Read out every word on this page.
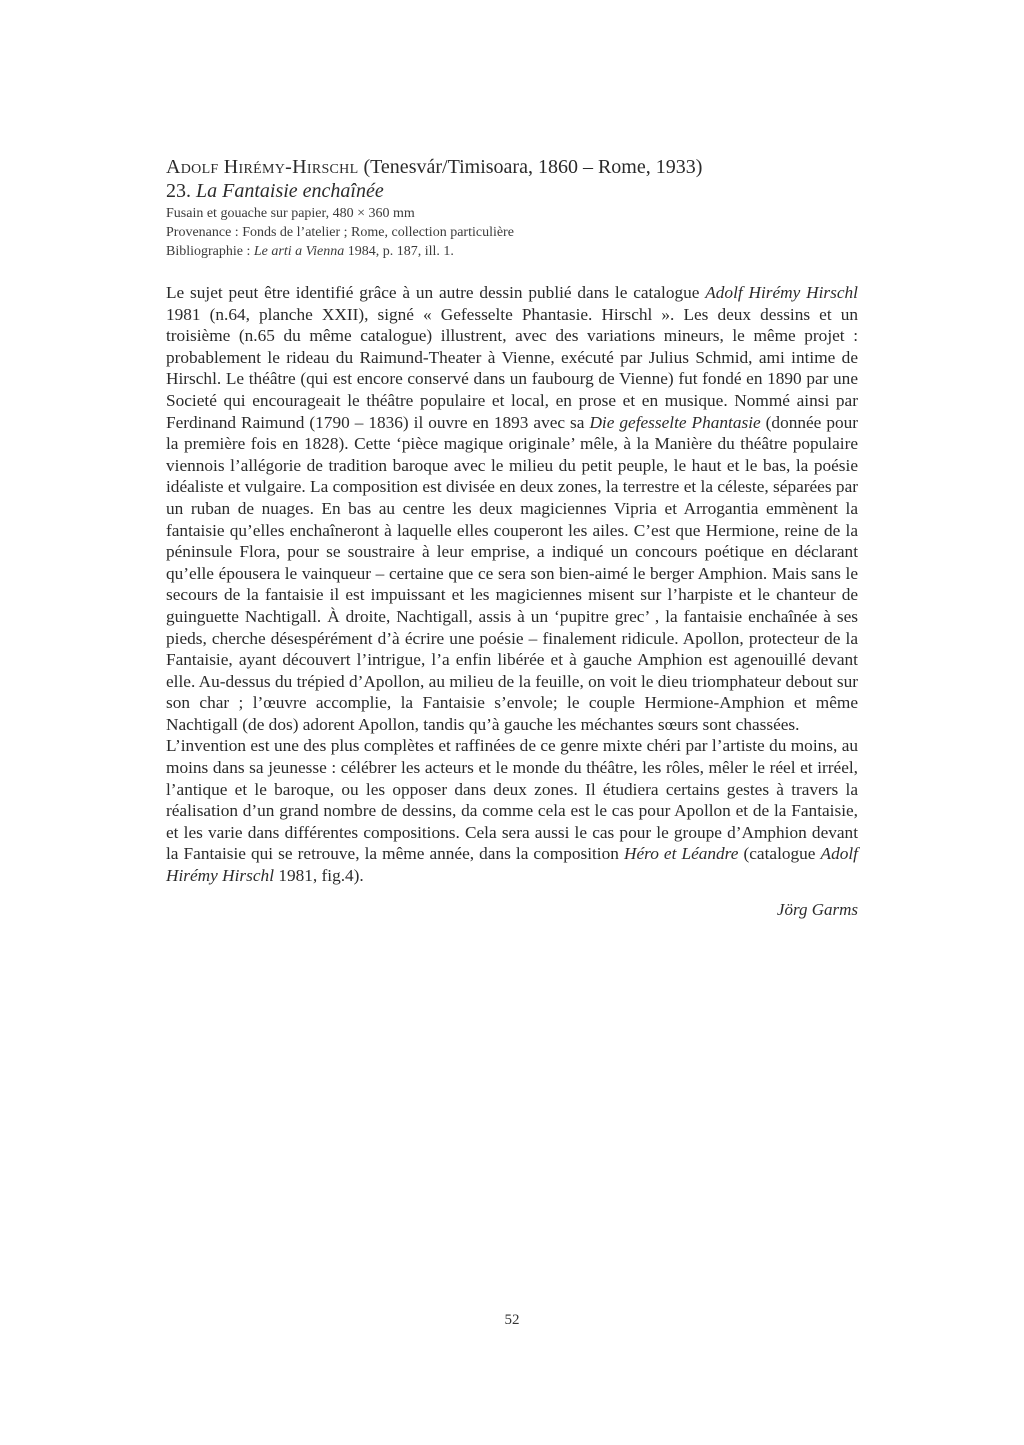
Adolf Hirémy-Hirschl (Tenesvár/Timisoara, 1860 – Rome, 1933)
23. La Fantaisie enchaînée
Fusain et gouache sur papier, 480 × 360 mm
Provenance : Fonds de l’atelier ; Rome, collection particulière
Bibliographie : Le arti a Vienna 1984, p. 187, ill. 1.

Le sujet peut être identifié grâce à un autre dessin publié dans le catalogue Adolf Hirémy Hirschl 1981 (n.64, planche XXII), signé « Gefesselte Phantasie. Hirschl ». Les deux dessins et un troisième (n.65 du même catalogue) illustrent, avec des variations mineurs, le même projet : probablement le rideau du Raimund-Theater à Vienne, exécuté par Julius Schmid, ami intime de Hirschl. Le théâtre (qui est encore conservé dans un faubourg de Vienne) fut fondé en 1890 par une Societé qui encourageait le théâtre populaire et local, en prose et en musique. Nommé ainsi par Ferdinand Raimund (1790 – 1836) il ouvre en 1893 avec sa Die gefesselte Phantasie (donnée pour la première fois en 1828). Cette ‘pièce magique originale’ mêle, à la Manière du théâtre populaire viennois l’allégorie de tradition baroque avec le milieu du petit peuple, le haut et le bas, la poésie idéaliste et vulgaire. La composition est divisée en deux zones, la terrestre et la céleste, séparées par un ruban de nuages. En bas au centre les deux magiciennes Vipria et Arrogantia emmènent la fantaisie qu’elles enchaîneront à laquelle elles couperont les ailes. C’est que Hermione, reine de la péninsule Flora, pour se soustraire à leur emprise, a indiqué un concours poétique en déclarant qu’elle épousera le vainqueur – certaine que ce sera son bien-aimé le berger Amphion. Mais sans le secours de la fantaisie il est impuissant et les magiciennes misent sur l’harpiste et le chanteur de guinguette Nachtigall. À droite, Nachtigall, assis à un ‘pupitre grec’ , la fantaisie enchaînée à ses pieds, cherche désespérément d’à écrire une poésie – finalement ridicule. Apollon, protecteur de la Fantaisie, ayant découvert l’intrigue, l’a enfin libérée et à gauche Amphion est agenouillé devant elle. Au-dessus du trépied d’Apollon, au milieu de la feuille, on voit le dieu triomphateur debout sur son char ; l’œuvre accomplie, la Fantaisie s’envole; le couple Hermione-Amphion et même Nachtigall (de dos) adorent Apollon, tandis qu’à gauche les méchantes sœurs sont chassées.

L’invention est une des plus complètes et raffinées de ce genre mixte chéri par l’artiste du moins, au moins dans sa jeunesse : célébrer les acteurs et le monde du théâtre, les rôles, mêler le réel et irréel, l’antique et le baroque, ou les opposer dans deux zones. Il étudiera certains gestes à travers la réalisation d’un grand nombre de dessins, da comme cela est le cas pour Apollon et de la Fantaisie, et les varie dans différentes compositions. Cela sera aussi le cas pour le groupe d’Amphion devant la Fantaisie qui se retrouve, la même année, dans la composition Héro et Léandre (catalogue Adolf Hirémy Hirschl 1981, fig.4).

Jörg Garms
52
